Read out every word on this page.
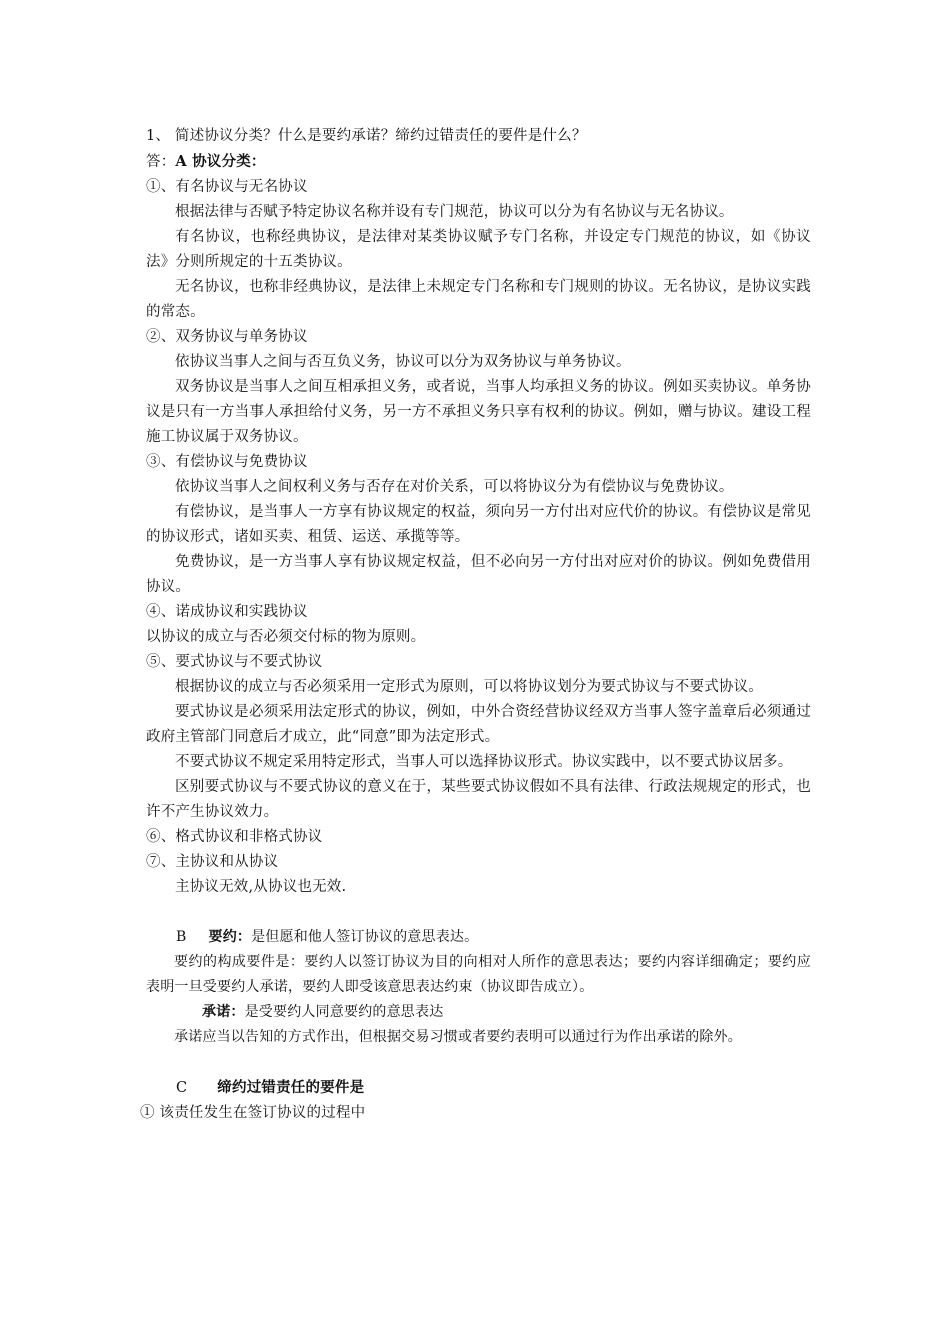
1、 简述协议分类？什么是要约承诺？缔约过错责任的要件是什么？

答：A 协议分类：

①、有名协议与无名协议

根据法律与否赋予特定协议名称并设有专门规范，协议可以分为有名协议与无名协议。

有名协议，也称经典协议，是法律对某类协议赋予专门名称，并设定专门规范的协议，如《协议法》分则所规定的十五类协议。

无名协议，也称非经典协议，是法律上未规定专门名称和专门规则的协议。无名协议，是协议实践的常态。

②、双务协议与单务协议

依协议当事人之间与否互负义务，协议可以分为双务协议与单务协议。

双务协议是当事人之间互相承担义务，或者说，当事人均承担义务的协议。例如买卖协议。单务协议是只有一方当事人承担给付义务，另一方不承担义务只享有权利的协议。例如，赠与协议。建设工程施工协议属于双务协议。

③、有偿协议与免费协议

依协议当事人之间权利义务与否存在对价关系，可以将协议分为有偿协议与免费协议。

有偿协议，是当事人一方享有协议规定的权益，须向另一方付出对应代价的协议。有偿协议是常见的协议形式，诸如买卖、租赁、运送、承揽等等。

免费协议，是一方当事人享有协议规定权益，但不必向另一方付出对应对价的协议。例如免费借用协议。

④、诺成协议和实践协议

以协议的成立与否必须交付标的物为原则。

⑤、要式协议与不要式协议

根据协议的成立与否必须采用一定形式为原则，可以将协议划分为要式协议与不要式协议。

要式协议是必须采用法定形式的协议，例如，中外合资经营协议经双方当事人签字盖章后必须通过政府主管部门同意后才成立，此“同意”即为法定形式。

不要式协议不规定采用特定形式，当事人可以选择协议形式。协议实践中，以不要式协议居多。

区别要式协议与不要式协议的意义在于，某些要式协议假如不具有法律、行政法规规定的形式，也许不产生协议效力。

⑥、格式协议和非格式协议

⑦、主协议和从协议

主协议无效,从协议也无效.

B 要约：是但愿和他人签订协议的意思表达。

要约的构成要件是：要约人以签订协议为目的向相对人所作的意思表达；要约内容详细确定；要约应表明一旦受要约人承诺，要约人即受该意思表达约束（协议即告成立）。

承诺：是受要约人同意要约的意思表达

承诺应当以告知的方式作出，但根据交易习惯或者要约表明可以通过行为作出承诺的除外。

C 缔约过错责任的要件是

① 该责任发生在签订协议的过程中
